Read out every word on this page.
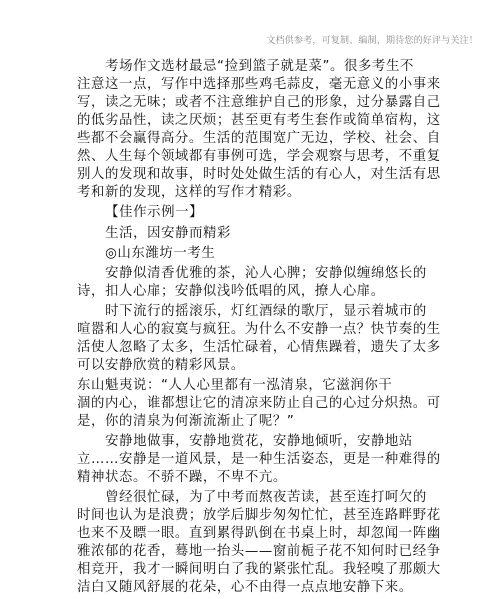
文档供参考，可复制、编制，期待您的好评与关注！
考场作文选材最忌“捡到篮子就是菜”。很多考生不
注意这一点，写作中选择那些鸡毛蒜皮，毫无意义的小事来
写，读之无味；或者不注意维护自己的形象，过分暴露自己
的低劣品性，读之厌烦；甚至更有考生套作或简单宿构，这
些都不会赢得高分。生活的范围宽广无边，学校、社会、自
然、人生每个领域都有事例可选，学会观察与思考，不重复
别人的发现和故事，时时处处做生活的有心人，对生活有思
考和新的发现，这样的写作才精彩。
【佳作示例一】
生活，因安静而精彩
◎山东潍坊一考生
安静似清香优雅的茶，沁人心脾；安静似缠绵悠长的
诗，扣人心扉；安静似浅吟低唱的风，撩人心扉。
时下流行的摇滚乐，灯红酒绿的歌厅，显示着城市的
喧嚣和人心的寂寞与疯狂。为什么不安静一点？快节奏的生
活使人忽略了太多，生活忙碌着，心情焦躁着，遗失了太多
可以安静欣赏的精彩风景。
东山魁夷说：“人人心里都有一泓清泉，它滋润你干
涸的内心，谁都想让它的清凉来防止自己的心过分炽热。可
是，你的清泉为何渐流渐止了呢？”
安静地做事，安静地赏花，安静地倾听，安静地站
立……安静是一道风景，是一种生活姿态，更是一种难得的
精神状态。不骄不躁，不卑不亢。
曾经很忙碌，为了中考而熬夜苦读，甚至连打呵欠的
时间也认为是浪费；放学后脚步匆匆忙忙，甚至连路畔野花
也来不及瞟一眼。直到累得趴倒在书桌上时，却忽闻一阵幽
雅浓郁的花香，蓦地一抬头——窗前栀子花不知何时已经争
相竞开，我才一瞬间明白了我的紧张忙乱。我轻嗅了那颇大
洁白又随风舒展的花朵，心不由得一点点地安静下来。
